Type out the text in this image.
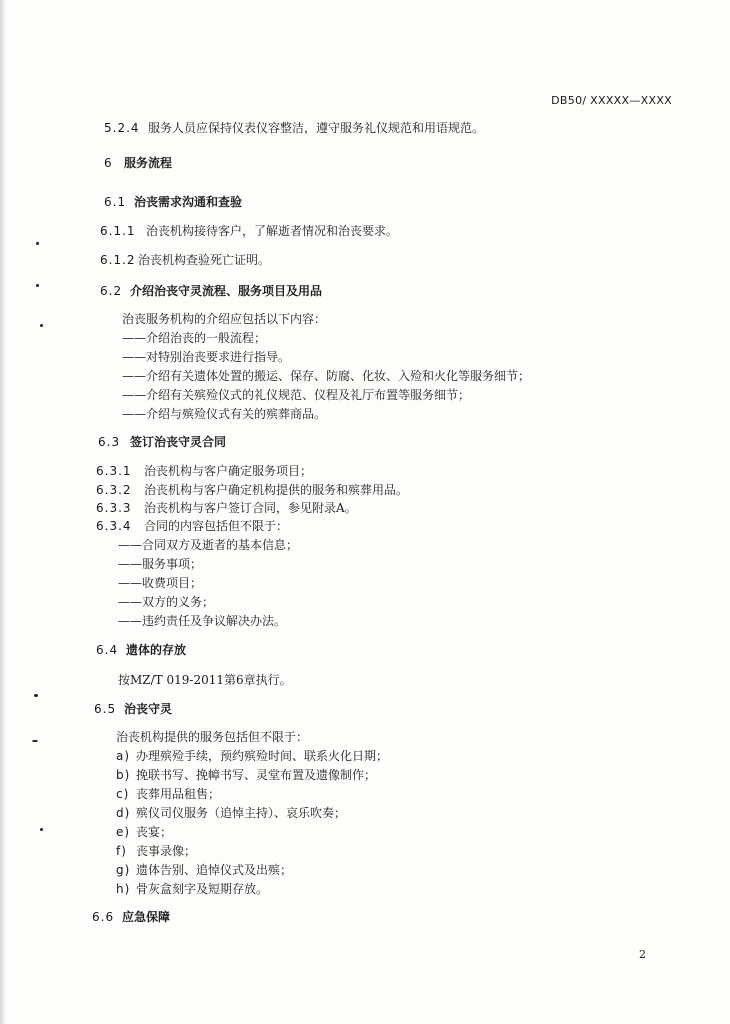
DB50/ XXXXX—XXXX
5.2.4 服务人员应保持仪表仪容整洁，遵守服务礼仪规范和用语规范。
6 服务流程
6.1 治丧需求沟通和查验
6.1.1 治丧机构接待客户，了解逝者情况和治丧要求。
6.1.2 治丧机构查验死亡证明。
6.2 介绍治丧守灵流程、服务项目及用品
治丧服务机构的介绍应包括以下内容：
——介绍治丧的一般流程；
——对特别治丧要求进行指导。
——介绍有关遗体处置的搬运、保存、防腐、化妆、入殓和火化等服务细节；
——介绍有关殡殓仪式的礼仪规范、仪程及礼厅布置等服务细节；
——介绍与殡殓仪式有关的殡葬商品。
6.3 签订治丧守灵合同
6.3.1 治丧机构与客户确定服务项目；
6.3.2 治丧机构与客户确定机构提供的服务和殡葬用品。
6.3.3 治丧机构与客户签订合同，参见附录A。
6.3.4 合同的内容包括但不限于：
——合同双方及逝者的基本信息；
——服务事项；
——收费项目；
——双方的义务；
——违约责任及争议解决办法。
6.4 遗体的存放
按MZ/T 019-2011第6章执行。
6.5 治丧守灵
治丧机构提供的服务包括但不限于：
a) 办理殡殓手续，预约殡殓时间、联系火化日期；
b) 挽联书写、挽幛书写、灵堂布置及遗像制作；
c) 丧葬用品租售；
d) 殡仪司仪服务（追悼主持）、哀乐吹奏；
e) 丧宴；
f) 丧事录像；
g) 遗体告别、追悼仪式及出殡；
h) 骨灰盒刻字及短期存放。
6.6 应急保障
2
